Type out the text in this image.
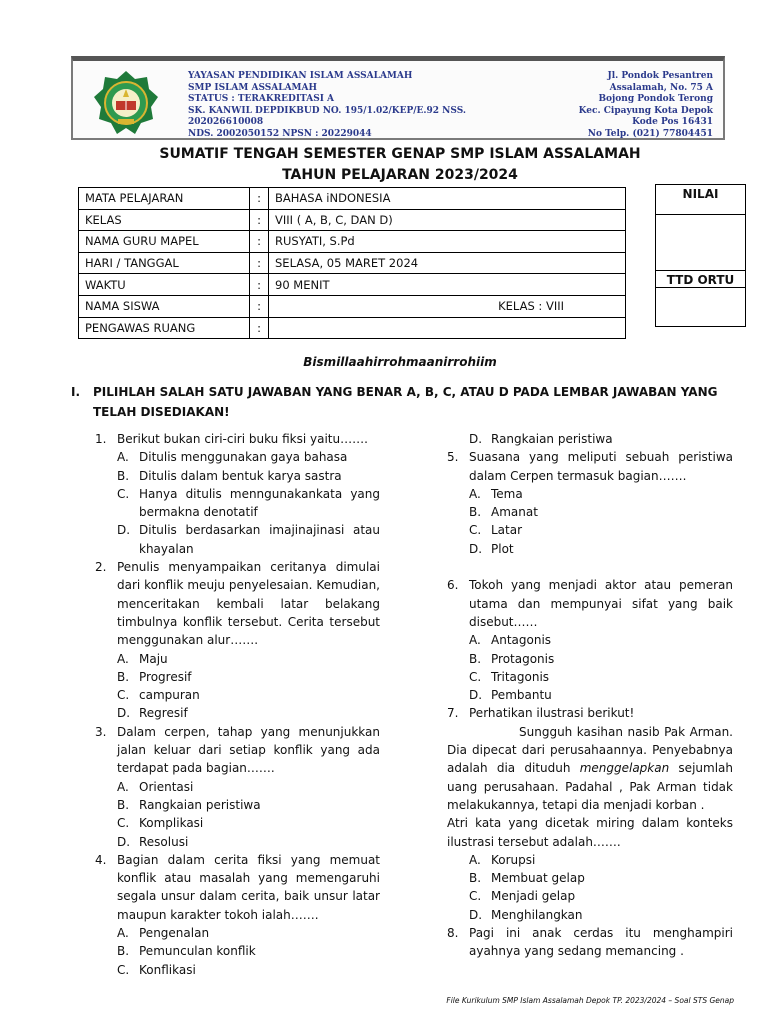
YAYASAN PENDIDIKAN ISLAM ASSALAMAH
SMP ISLAM ASSALAMAH
STATUS : TERAKREDITASI A
SK. KANWIL DEPDIKBUD NO. 195/1.02/KEP/E.92 NSS.
202026610008
NDS. 2002050152 NPSN : 20229044
Jl. Pondok Pesantren
Assalamah, No. 75 A
Bojong Pondok Terong
Kec. Cipayung Kota Depok
Kode Pos 16431
No Telp. (021) 77804451
SUMATIF TENGAH SEMESTER GENAP SMP ISLAM ASSALAMAH
TAHUN PELAJARAN 2023/2024
MATA PELAJARAN	:	BAHASA iNDONESIA
KELAS	:	VIII ( A, B, C, DAN D)
NAMA GURU MAPEL	:	RUSYATI, S.Pd
HARI / TANGGAL	:	SELASA, 05 MARET 2024
WAKTU	:	90 MENIT
NAMA SISWA	:	KELAS : VIII

PENGAWAS RUANG	:	
NILAI
TTD ORTU
Bismillaahirrohmaanirrohiim
I. PILIHLAH SALAH SATU JAWABAN YANG BENAR A, B, C, ATAU D PADA LEMBAR JAWABAN YANG TELAH DISEDIAKAN!
1. Berikut bukan ciri-ciri buku fiksi yaitu…….
A. Ditulis menggunakan gaya bahasa
B. Ditulis dalam bentuk karya sastra
C. Hanya ditulis menngunakankata yang bermakna denotatif
D. Ditulis berdasarkan imajinajinasi atau khayalan
2. Penulis menyampaikan ceritanya dimulai dari konflik meuju penyelesaian. Kemudian, menceritakan kembali latar belakang timbulnya konflik tersebut. Cerita tersebut menggunakan alur…….
A. Maju
B. Progresif
C. campuran
D. Regresif
3. Dalam cerpen, tahap yang menunjukkan jalan keluar dari setiap konflik yang ada terdapat pada bagian…….
A. Orientasi
B. Rangkaian peristiwa
C. Komplikasi
D. Resolusi
4. Bagian dalam cerita fiksi yang memuat konflik atau masalah yang memengaruhi segala unsur dalam cerita, baik unsur latar maupun karakter tokoh ialah…….
A. Pengenalan
B. Pemunculan konflik
C. Konflikasi
D. Rangkaian peristiwa
5. Suasana yang meliputi sebuah peristiwa dalam Cerpen termasuk bagian…….
A. Tema
B. Amanat
C. Latar
D. Plot
6. Tokoh yang menjadi aktor atau pemeran utama dan mempunyai sifat yang baik disebut……
A. Antagonis
B. Protagonis
C. Tritagonis
D. Pembantu
7. Perhatikan ilustrasi berikut!
Sungguh kasihan nasib Pak Arman. Dia dipecat dari perusahaannya. Penyebabnya adalah dia dituduh menggelapkan sejumlah uang perusahaan. Padahal , Pak Arman tidak melakukannya, tetapi dia menjadi korban .
Atri kata yang dicetak miring dalam konteks ilustrasi tersebut adalah…….
A. Korupsi
B. Membuat gelap
C. Menjadi gelap
D. Menghilangkan
8. Pagi ini anak cerdas itu menghampiri ayahnya yang sedang memancing .
File Kurikulum SMP Islam Assalamah Depok TP. 2023/2024 – Soal STS Genap
